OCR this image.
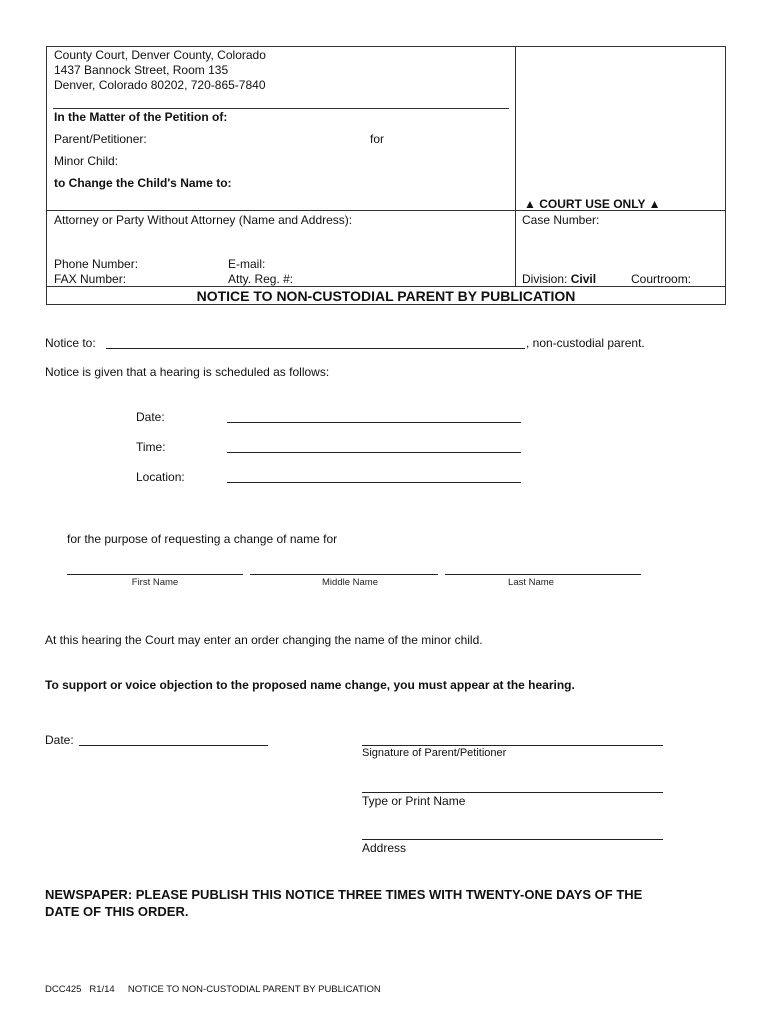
County Court, Denver County, Colorado
1437 Bannock Street, Room 135
Denver, Colorado 80202, 720-865-7840
In the Matter of the Petition of:
Parent/Petitioner:	for
Minor Child:
to Change the Child's Name to:
▲ COURT USE ONLY ▲
Attorney or Party Without Attorney (Name and Address):	Case Number:
Phone Number:	E-mail:
FAX Number:	Atty. Reg. #:	Division: Civil	Courtroom:
NOTICE TO NON-CUSTODIAL PARENT BY PUBLICATION
Notice to:	, non-custodial parent.
Notice is given that a hearing is scheduled as follows:
Date:
Time:
Location:
for the purpose of requesting a change of name for
First Name	Middle Name	Last Name
At this hearing the Court may enter an order changing the name of the minor child.
To support or voice objection to the proposed name change, you must appear at the hearing.
Date:
Signature of Parent/Petitioner
Type or Print Name
Address
NEWSPAPER: PLEASE PUBLISH THIS NOTICE THREE TIMES WITH TWENTY-ONE DAYS OF THE
DATE OF THIS ORDER.
DCC425   R1/14     NOTICE TO NON-CUSTODIAL PARENT BY PUBLICATION
